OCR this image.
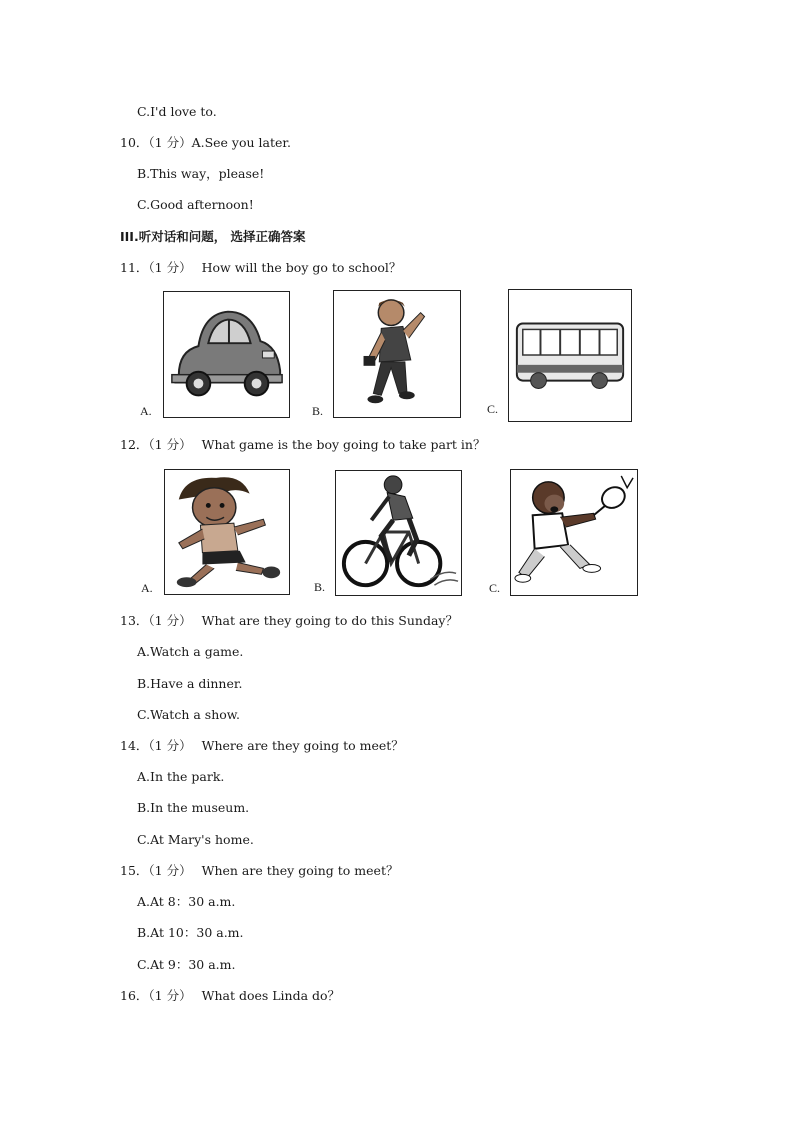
C.I'd love to.
10．（1 分）A.See you later.
B.This way，please!
C.Good afternoon!
III.听对话和问题， 选择正确答案
11．（1 分） How will the boy go to school？
A.	B.	C.
12．（1 分） What game is the boy going to take part in？
A.	B.	C.
13．（1 分） What are they going to do this Sunday？
A.Watch a game.
B.Have a dinner.
C.Watch a show.
14．（1 分） Where are they going to meet？
A.In the park.
B.In the museum.
C.At Mary's home.
15．（1 分） When are they going to meet？
A.At 8：30 a.m.
B.At 10：30 a.m.
C.At 9：30 a.m.
16．（1 分） What does Linda do？
